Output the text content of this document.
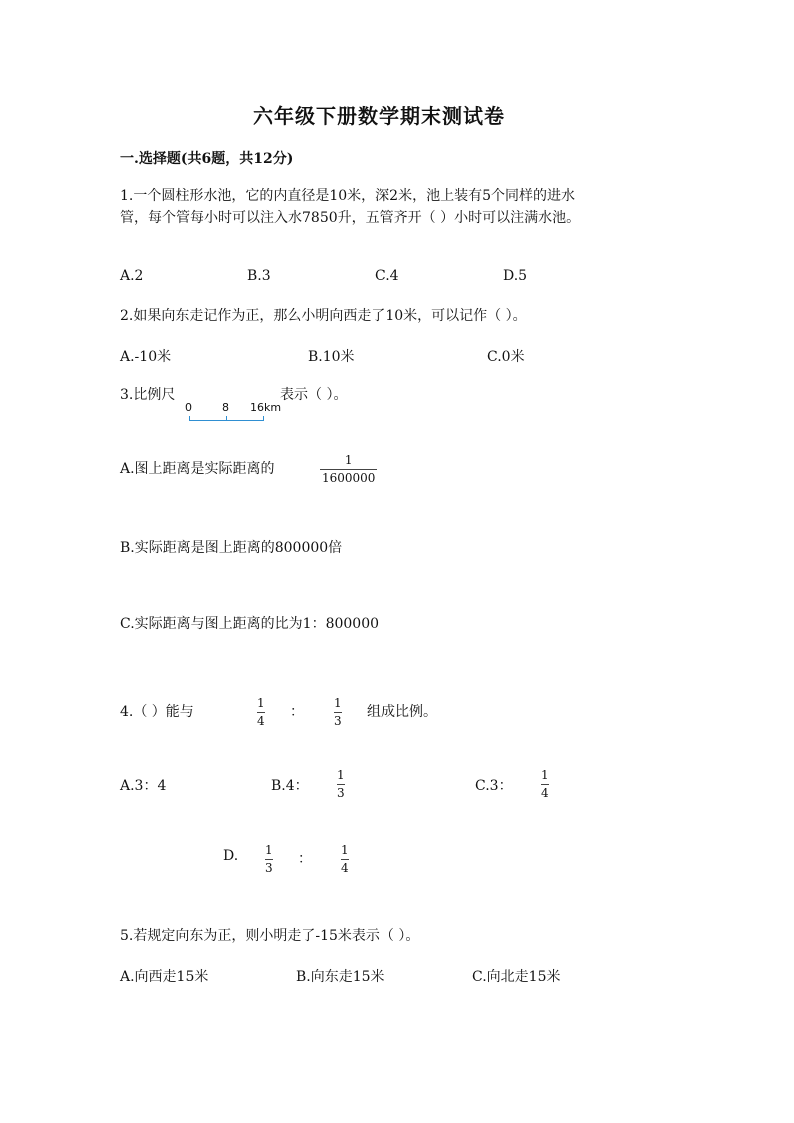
六年级下册数学期末测试卷
一.选择题(共6题，共12分)
1.一个圆柱形水池，它的内直径是10米，深2米，池上装有5个同样的进水
管，每个管每小时可以注入水7850升，五管齐开（ ）小时可以注满水池。
A.2	B.3	C.4	D.5
2.如果向东走记作为正，那么小明向西走了10米，可以记作（ ）。
A.-10米	B.10米	C.0米
3.比例尺
0	8 16km
表示（ ）。
A.图上距离是实际距离的
1
1600000
B.实际距离是图上距离的800000倍
C.实际距离与图上距离的比为1：800000
4.（ ）能与
1
4
：
1
3
组成比例。
A.3：4	B.4：
1
3	C.3：
1
4
D. 1
3
：
1
4
5.若规定向东为正，则小明走了-15米表示（ ）。
A.向西走15米	B.向东走15米	C.向北走15米
